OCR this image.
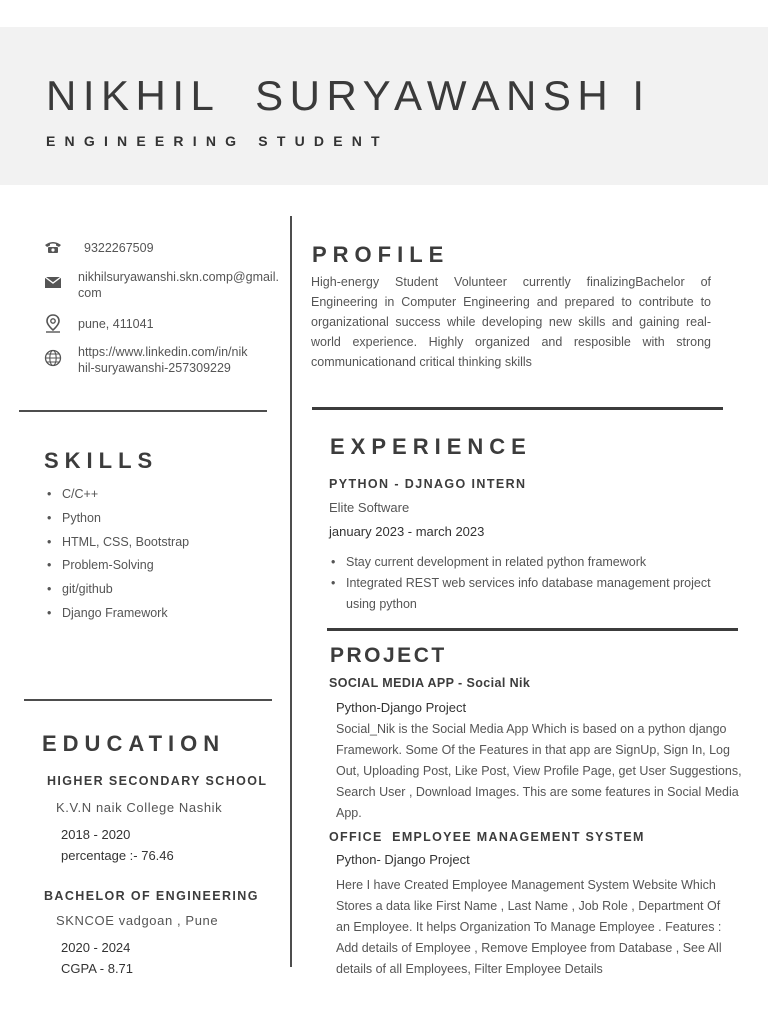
NIKHIL  SURYAWANSH I
ENGINEERING STUDENT
9322267509
nikhilsuryawanshi.skn.comp@gmail.
com
pune, 411041
https://www.linkedin.com/in/nik
hil-suryawanshi-257309229
SKILLS
• C/C++
• Python
• HTML, CSS, Bootstrap
• Problem-Solving
• git/github
• Django Framework
EDUCATION
HIGHER SECONDARY SCHOOL
K.V.N naik College Nashik
2018 - 2020
percentage :- 76.46
BACHELOR OF ENGINEERING
SKNCOE vadgoan , Pune
2020 - 2024
CGPA - 8.71
PROFILE
High-energy Student Volunteer currently finalizingBachelor of Engineering in Computer Engineering and prepared to contribute to organizational success while developing new skills and gaining real-world experience. Highly organized and resposible with strong communicationand critical thinking skills
EXPERIENCE
PYTHON - DJNAGO INTERN
Elite Software
january 2023 - march 2023
• Stay current development in related python framework
• Integrated REST web services info database management project using python
PROJECT
SOCIAL MEDIA APP - Social Nik
Python-Django Project
Social_Nik is the Social Media App Which is based on a python django Framework. Some Of the Features in that app are SignUp, Sign In, Log Out, Uploading Post, Like Post, View Profile Page, get User Suggestions, Search User , Download Images. This are some features in Social Media App.
OFFICE  EMPLOYEE MANAGEMENT SYSTEM
Python- Django Project
Here I have Created Employee Management System Website Which Stores a data like First Name , Last Name , Job Role , Department Of an Employee. It helps Organization To Manage Employee . Features : Add details of Employee , Remove Employee from Database , See All details of all Employees, Filter Employee Details
